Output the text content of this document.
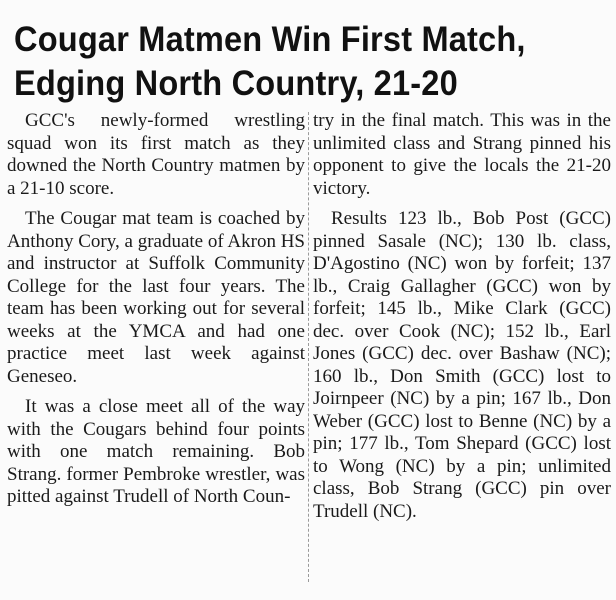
Cougar Matmen Win First Match,
Edging North Country, 21-20

GCC's newly-formed wrestling squad won its first match as they downed the North Country matmen by a 21-10 score.

The Cougar mat team is coached by Anthony Cory, a graduate of Akron HS and instructor at Suffolk Community College for the last four years. The team has been working out for several weeks at the YMCA and had one practice meet last week against Geneseo.

It was a close meet all of the way with the Cougars behind four points with one match remaining. Bob Strang. former Pembroke wrestler, was pitted against Trudell of North Coun-

try in the final match. This was in the unlimited class and Strang pinned his opponent to give the locals the 21-20 victory.

Results 123 lb., Bob Post (GCC) pinned Sasale (NC); 130 lb. class, D'Agostino (NC) won by forfeit; 137 lb., Craig Gallagher (GCC) won by forfeit; 145 lb., Mike Clark (GCC) dec. over Cook (NC); 152 lb., Earl Jones (GCC) dec. over Bashaw (NC); 160 lb., Don Smith (GCC) lost to Joirnpeer (NC) by a pin; 167 lb., Don Weber (GCC) lost to Benne (NC) by a pin; 177 lb., Tom Shepard (GCC) lost to Wong (NC) by a pin; unlimited class, Bob Strang (GCC) pin over Trudell (NC).
